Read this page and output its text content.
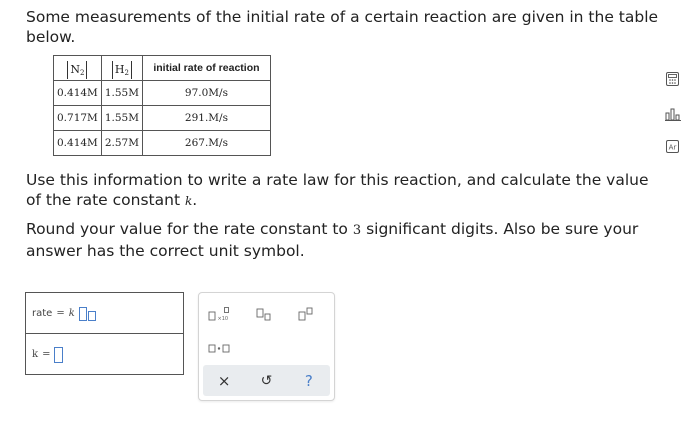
Some measurements of the initial rate of a certain reaction are given in the table below.
$N_2$	$H_2$	initial rate of reaction
0.414M	1.55M	97.0M/s
0.717M	1.55M	291.M/s
0.414M	2.57M	267.M/s
Use this information to write a rate law for this reaction, and calculate the value of the rate constant k.
Round your value for the rate constant to 3 significant digits. Also be sure your answer has the correct unit symbol.
Ar
rate = k
k =
×10
×	↺	?
